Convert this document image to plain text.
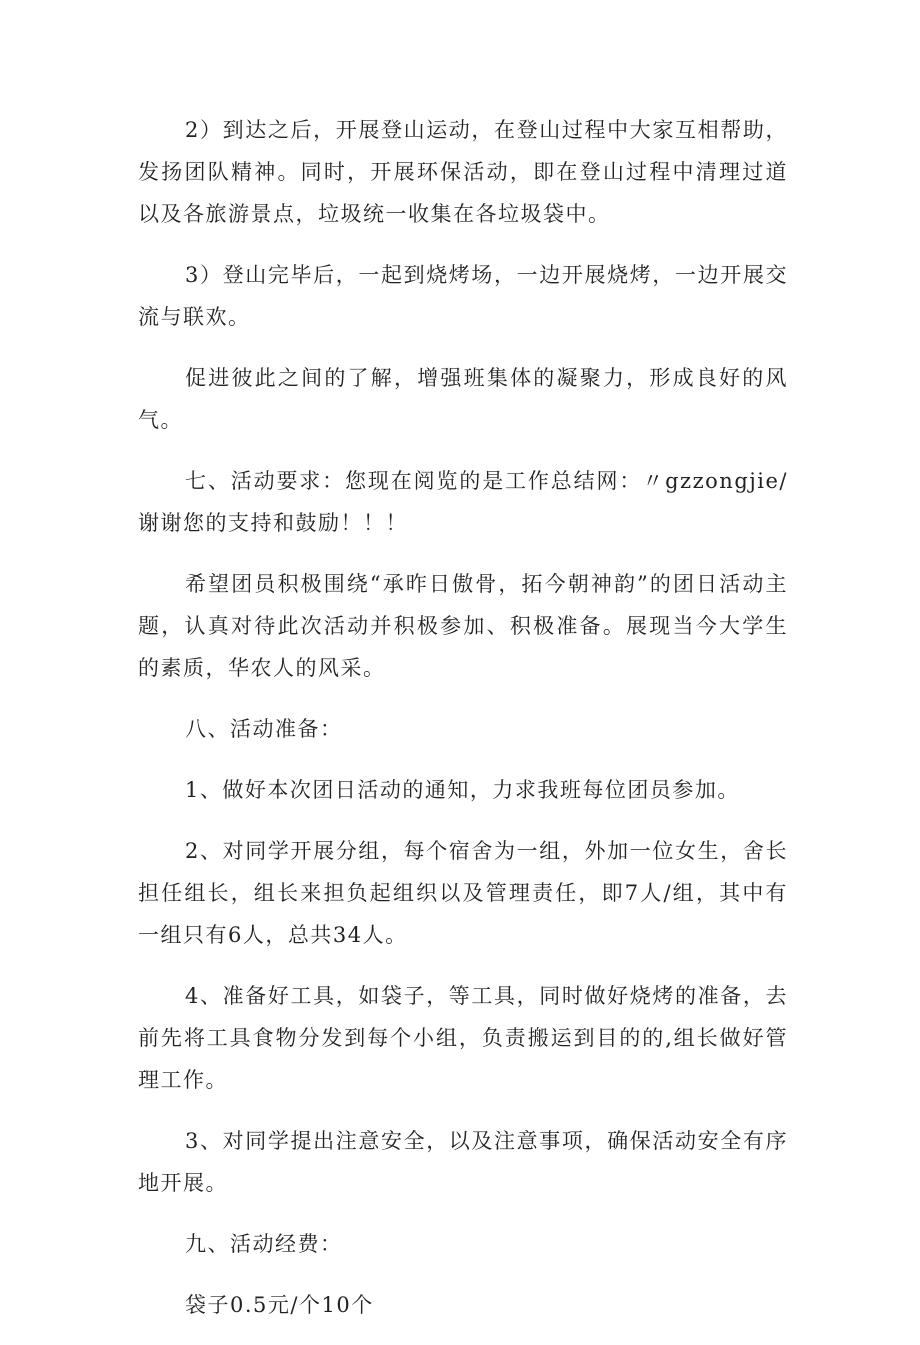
2）到达之后，开展登山运动，在登山过程中大家互相帮助，发扬团队精神。同时，开展环保活动，即在登山过程中清理过道以及各旅游景点，垃圾统一收集在各垃圾袋中。

3）登山完毕后，一起到烧烤场，一边开展烧烤，一边开展交流与联欢。

促进彼此之间的了解，增强班集体的凝聚力，形成良好的风气。

七、活动要求：您现在阅览的是工作总结网：〃gzzongjie/谢谢您的支持和鼓励！！！

希望团员积极围绕“承昨日傲骨，拓今朝神韵”的团日活动主题，认真对待此次活动并积极参加、积极准备。展现当今大学生的素质，华农人的风采。

八、活动准备：

1、做好本次团日活动的通知，力求我班每位团员参加。

2、对同学开展分组，每个宿舍为一组，外加一位女生，舍长担任组长，组长来担负起组织以及管理责任，即7人/组，其中有一组只有6人，总共34人。

4、准备好工具，如袋子，等工具，同时做好烧烤的准备，去前先将工具食物分发到每个小组，负责搬运到目的的,组长做好管理工作。

3、对同学提出注意安全，以及注意事项，确保活动安全有序地开展。

九、活动经费：

袋子0.5元/个10个
